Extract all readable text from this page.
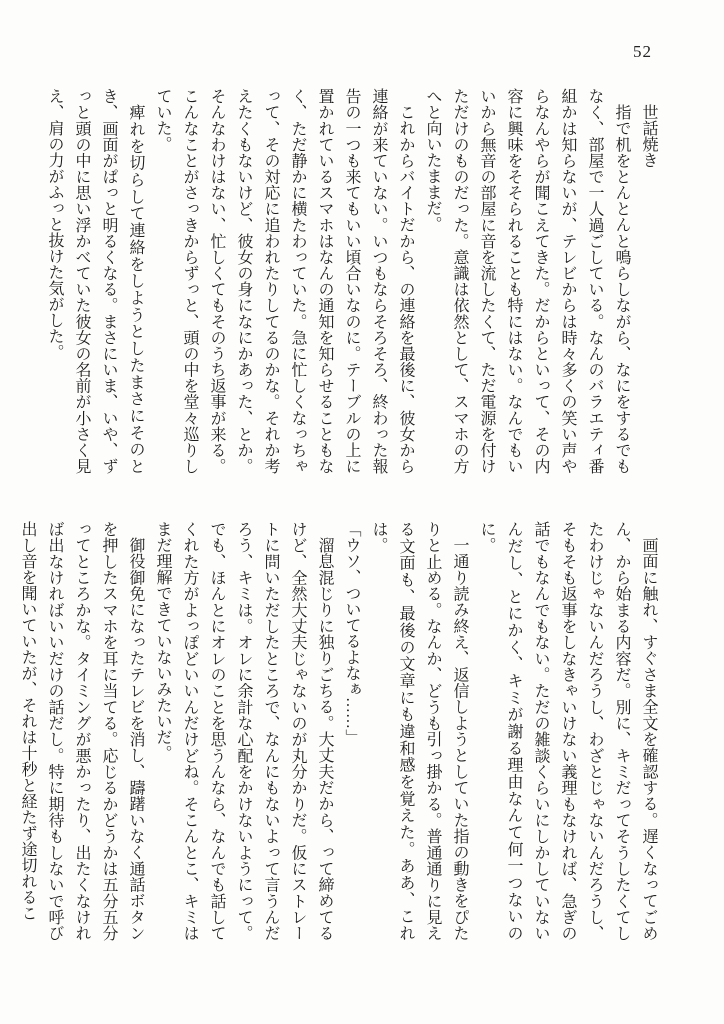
52

世話焼き

指で机をとんとんと鳴らしながら、なにをするでもなく、部屋で一人過ごしている。なんのバラエティ番組かは知らないが、テレビからは時々多くの笑い声やらなんやらが聞こえてきた。だからといって、その内容に興味をそそられることも特にはない。なんでもいいから無音の部屋に音を流したくて、ただ電源を付けただけのものだった。意識は依然として、スマホの方へと向いたままだ。

これからバイトだから、の連絡を最後に、彼女から連絡が来ていない。いつもならそろそろ、終わった報告の一つも来てもいい頃合いなのに。テーブルの上に置かれているスマホはなんの通知を知らせることもなく、ただ静かに横たわっていた。急に忙しくなっちゃって、その対応に追われたりしてるのかな。それか考えたくもないけど、彼女の身になにかあった、とか。そんなわけはない、忙しくてもそのうち返事が来る。こんなことがさっきからずっと、頭の中を堂々巡りしていた。

痺れを切らして連絡をしようとしたまさにそのとき、画面がぱっと明るくなる。まさにいま、いや、ずっと頭の中に思い浮かべていた彼女の名前が小さく見え、肩の力がふっと抜けた気がした。

画面に触れ、すぐさま全文を確認する。遅くなってごめん、から始まる内容だ。別に、キミだってそうしたくてしたわけじゃないんだろうし、わざとじゃないんだろうし、そもそも返事をしなきゃいけない義理もなければ、急ぎの話でもなんでもない。ただの雑談くらいにしかしていないんだし、とにかく、キミが謝る理由なんて何一つないのに。

一通り読み終え、返信しようとしていた指の動きをぴたりと止める。なんか、どうも引っ掛かる。普通通りに見える文面も、最後の文章にも違和感を覚えた。ああ、これは。

「ウソ、ついてるよなぁ……」

溜息混じりに独りごちる。大丈夫だから、って締めてるけど、全然大丈夫じゃないのが丸分かりだ。仮にストレートに問いただしたところで、なんにもないよって言うんだろう、キミは。オレに余計な心配をかけないようにって。でも、ほんとにオレのことを思うんなら、なんでも話してくれた方がよっぽどいいんだけどね。そこんとこ、キミはまだ理解できていないみたいだ。

御役御免になったテレビを消し、躊躇いなく通話ボタンを押したスマホを耳に当てる。応じるかどうかは五分五分ってところかな。タイミングが悪かったり、出たくなければ出なければいいだけの話だし。特に期待もしないで呼び出し音を聞いていたが、それは十秒と経たず途切れるこ
